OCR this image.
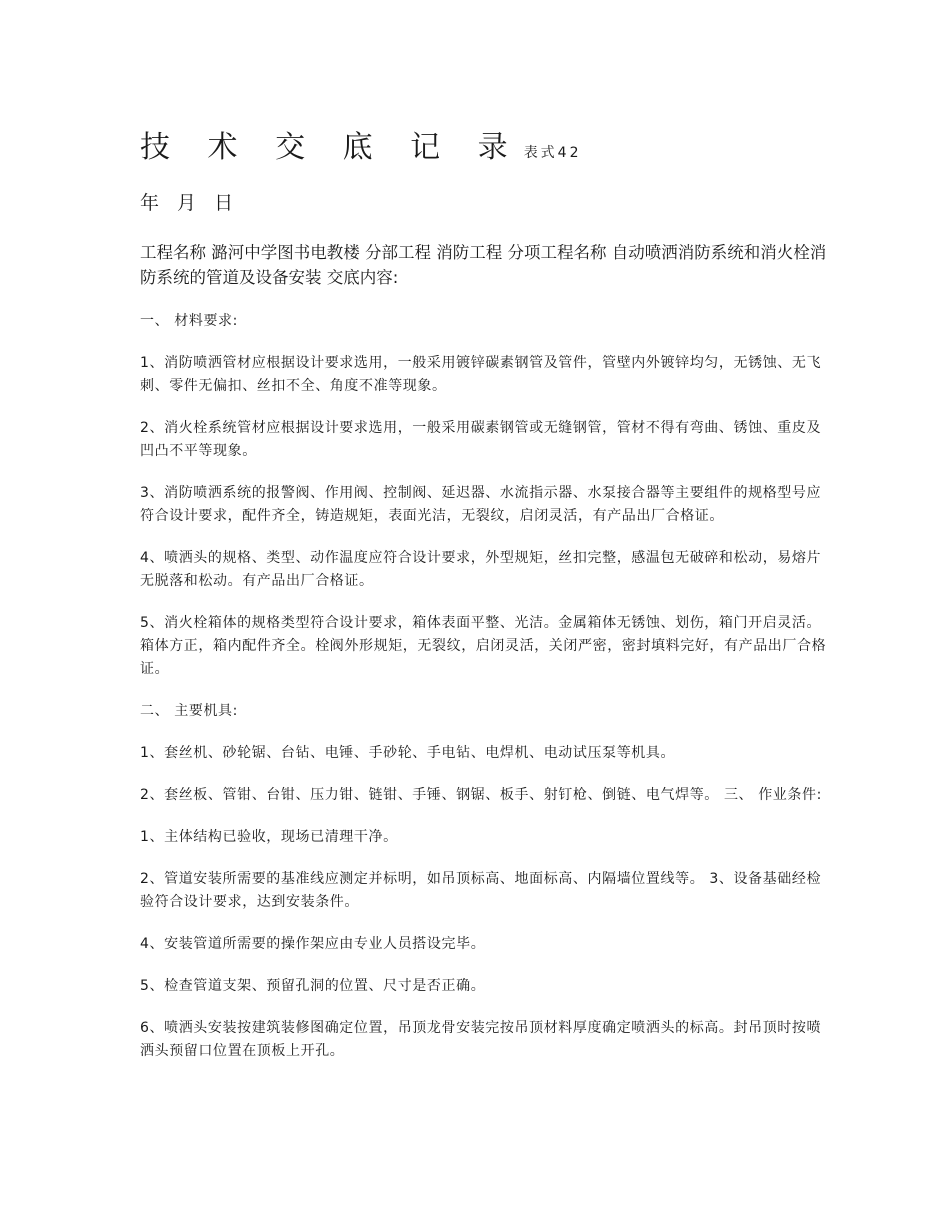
技 术 交 底 记 录 表式42
年 月 日
工程名称 潞河中学图书电教楼 分部工程 消防工程 分项工程名称 自动喷洒消防系统和消火栓消防系统的管道及设备安装 交底内容:
一、 材料要求:

1、消防喷洒管材应根据设计要求选用，一般采用镀锌碳素钢管及管件，管壁内外镀锌均匀，无锈蚀、无飞刺、零件无偏扣、丝扣不全、角度不准等现象。

2、消火栓系统管材应根据设计要求选用，一般采用碳素钢管或无缝钢管，管材不得有弯曲、锈蚀、重皮及凹凸不平等现象。

3、消防喷洒系统的报警阀、作用阀、控制阀、延迟器、水流指示器、水泵接合器等主要组件的规格型号应符合设计要求，配件齐全，铸造规矩，表面光洁，无裂纹，启闭灵活，有产品出厂合格证。

4、喷洒头的规格、类型、动作温度应符合设计要求，外型规矩，丝扣完整，感温包无破碎和松动，易熔片无脱落和松动。有产品出厂合格证。

5、消火栓箱体的规格类型符合设计要求，箱体表面平整、光洁。金属箱体无锈蚀、划伤，箱门开启灵活。箱体方正，箱内配件齐全。栓阀外形规矩，无裂纹，启闭灵活，关闭严密，密封填料完好，有产品出厂合格证。

二、 主要机具:

1、套丝机、砂轮锯、台钻、电锤、手砂轮、手电钻、电焊机、电动试压泵等机具。

2、套丝板、管钳、台钳、压力钳、链钳、手锤、钢锯、板手、射钉枪、倒链、电气焊等。 三、 作业条件:

1、主体结构已验收，现场已清理干净。

2、管道安装所需要的基准线应测定并标明，如吊顶标高、地面标高、内隔墙位置线等。 3、设备基础经检验符合设计要求，达到安装条件。

4、安装管道所需要的操作架应由专业人员搭设完毕。

5、检查管道支架、预留孔洞的位置、尺寸是否正确。

6、喷洒头安装按建筑装修图确定位置，吊顶龙骨安装完按吊顶材料厚度确定喷洒头的标高。封吊顶时按喷洒头预留口位置在顶板上开孔。
